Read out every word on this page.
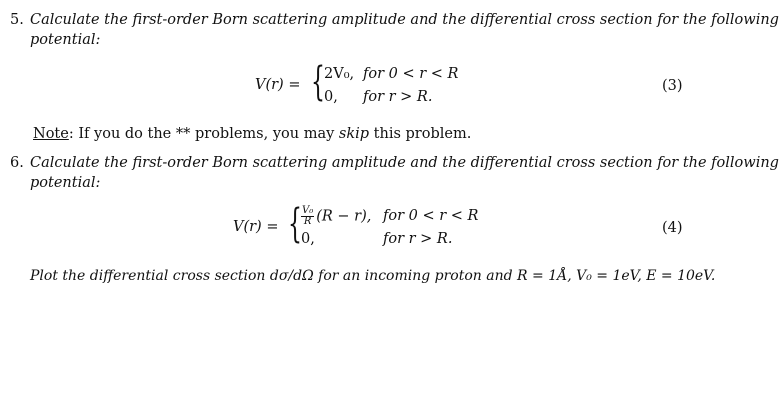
5. Calculate the first-order Born scattering amplitude and the differential cross section for the following
potential:
V(r) = { 2V₀, for 0 < r < R
0, for r > R.
(3)
Note: If you do the ** problems, you may skip this problem.
6. Calculate the first-order Born scattering amplitude and the differential cross section for the following
potential:
V(r) = { $\frac{\text{V₀}}{R} (R - r)$, for 0 < r < R
0,	for r > R.
(4)
Plot the differential cross section dσ/dΩ for an incoming proton and R = 1Å, V₀ = 1eV, E = 10eV.
